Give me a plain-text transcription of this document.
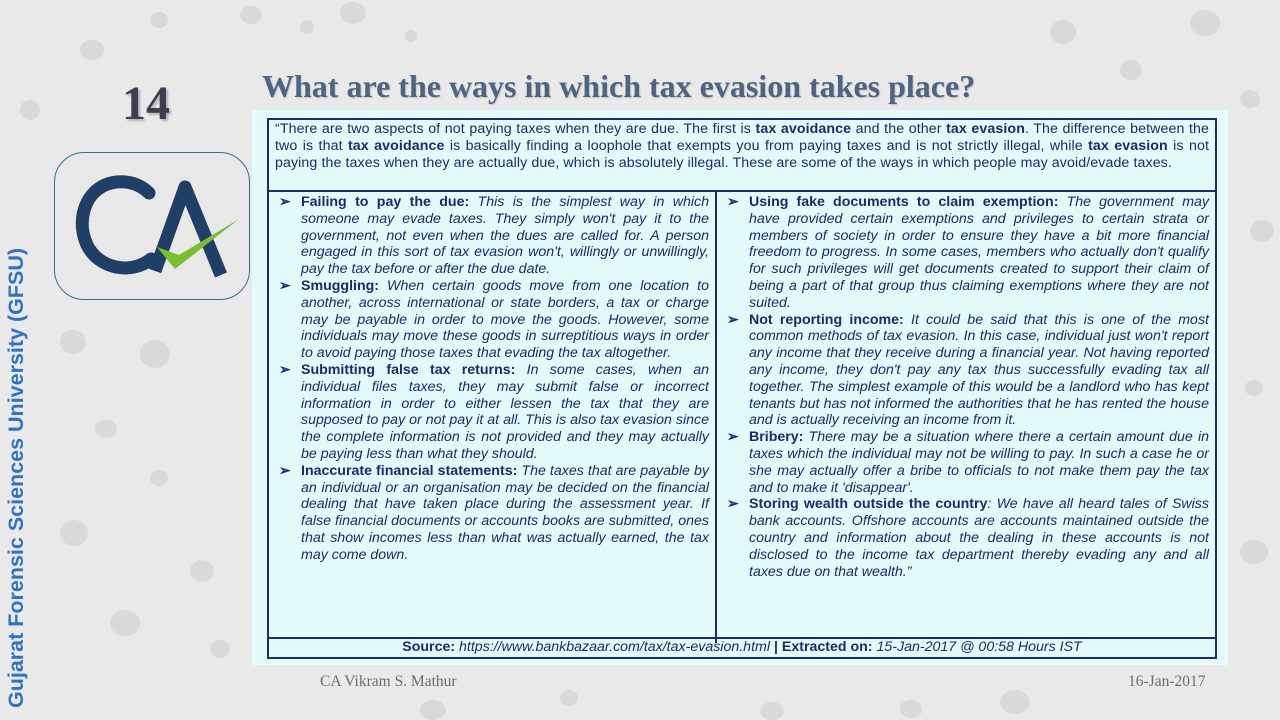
Gujarat Forensic Sciences University (GFSU)
14	What are the ways in which tax evasion takes place?
“There are two aspects of not paying taxes when they are due. The first is tax avoidance and the other tax evasion. The difference between the two is that tax avoidance is basically finding a loophole that exempts you from paying taxes and is not strictly illegal, while tax evasion is not paying the taxes when they are actually due, which is absolutely illegal. These are some of the ways in which people may avoid/evade taxes.

➢ Failing to pay the due: This is the simplest way in which someone may evade taxes. They simply won't pay it to the government, not even when the dues are called for. A person engaged in this sort of tax evasion won't, willingly or unwillingly, pay the tax before or after the due date.

➢ Smuggling: When certain goods move from one location to another, across international or state borders, a tax or charge may be payable in order to move the goods. However, some individuals may move these goods in surreptitious ways in order to avoid paying those taxes that evading the tax altogether.

➢ Submitting false tax returns: In some cases, when an individual files taxes, they may submit false or incorrect information in order to either lessen the tax that they are supposed to pay or not pay it at all. This is also tax evasion since the complete information is not provided and they may actually be paying less than what they should.

➢ Inaccurate financial statements: The taxes that are payable by an individual or an organisation may be decided on the financial dealing that have taken place during the assessment year. If false financial documents or accounts books are submitted, ones that show incomes less than what was actually earned, the tax may come down.

➢ Using fake documents to claim exemption: The government may have provided certain exemptions and privileges to certain strata or members of society in order to ensure they have a bit more financial freedom to progress. In some cases, members who actually don't qualify for such privileges will get documents created to support their claim of being a part of that group thus claiming exemptions where they are not suited.

➢ Not reporting income: It could be said that this is one of the most common methods of tax evasion. In this case, individual just won't report any income that they receive during a financial year. Not having reported any income, they don't pay any tax thus successfully evading tax all together. The simplest example of this would be a landlord who has kept tenants but has not informed the authorities that he has rented the house and is actually receiving an income from it.

➢ Bribery: There may be a situation where there a certain amount due in taxes which the individual may not be willing to pay. In such a case he or she may actually offer a bribe to officials to not make them pay the tax and to make it 'disappear'.

➢ Storing wealth outside the country: We have all heard tales of Swiss bank accounts. Offshore accounts are accounts maintained outside the country and information about the dealing in these accounts is not disclosed to the income tax department thereby evading any and all taxes due on that wealth.”

Source: https://www.bankbazaar.com/tax/tax-evasion.html | Extracted on: 15-Jan-2017 @ 00:58 Hours IST
CA Vikram S. Mathur	16-Jan-2017
